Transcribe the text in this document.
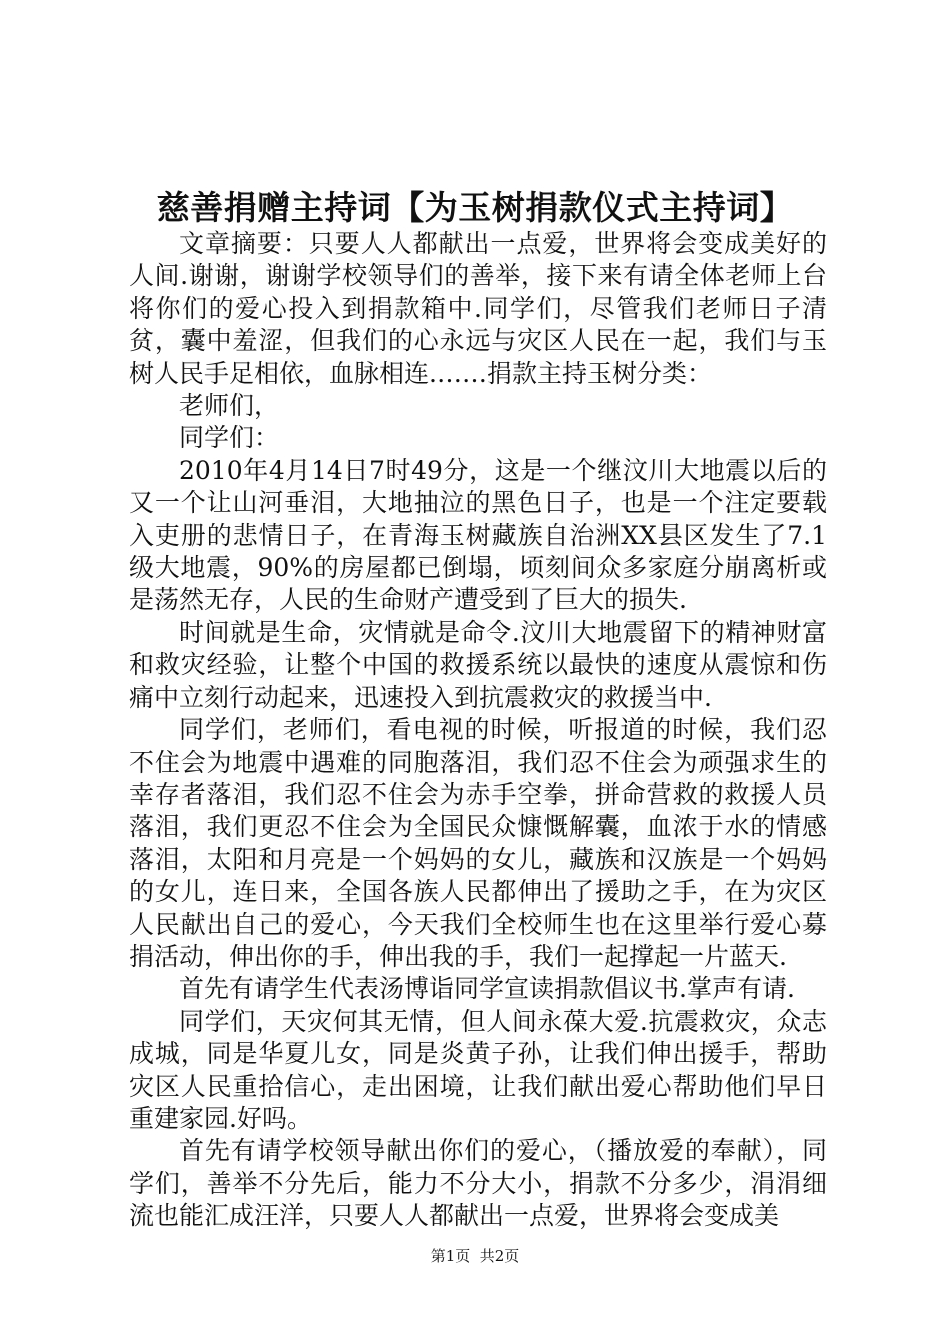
慈善捐赠主持词【为玉树捐款仪式主持词】

文章摘要：只要人人都献出一点爱，世界将会变成美好的人间.谢谢，谢谢学校领导们的善举，接下来有请全体老师上台将你们的爱心投入到捐款箱中.同学们，尽管我们老师日子清贫，囊中羞涩，但我们的心永远与灾区人民在一起，我们与玉树人民手足相依，血脉相连.……捐款主持玉树分类：

老师们，

同学们：

2010年4月14日7时49分，这是一个继汶川大地震以后的又一个让山河垂泪，大地抽泣的黑色日子，也是一个注定要载入吏册的悲情日子，在青海玉树藏族自治洲XX县区发生了7.1级大地震，90%的房屋都已倒塌，顷刻间众多家庭分崩离析或是荡然无存，人民的生命财产遭受到了巨大的损失.

时间就是生命，灾情就是命令.汶川大地震留下的精神财富和救灾经验，让整个中国的救援系统以最快的速度从震惊和伤痛中立刻行动起来，迅速投入到抗震救灾的救援当中.

同学们，老师们，看电视的时候，听报道的时候，我们忍不住会为地震中遇难的同胞落泪，我们忍不住会为顽强求生的幸存者落泪，我们忍不住会为赤手空拳，拼命营救的救援人员落泪，我们更忍不住会为全国民众慷慨解囊，血浓于水的情感落泪，太阳和月亮是一个妈妈的女儿，藏族和汉族是一个妈妈的女儿，连日来，全国各族人民都伸出了援助之手，在为灾区人民献出自己的爱心，今天我们全校师生也在这里举行爱心募捐活动，伸出你的手，伸出我的手，我们一起撑起一片蓝天.

首先有请学生代表汤博诣同学宣读捐款倡议书.掌声有请.

同学们，天灾何其无情，但人间永葆大爱.抗震救灾，众志成城，同是华夏儿女，同是炎黄子孙，让我们伸出援手，帮助灾区人民重拾信心，走出困境，让我们献出爱心帮助他们早日重建家园.好吗。

首先有请学校领导献出你们的爱心，（播放爱的奉献），同学们，善举不分先后，能力不分大小，捐款不分多少，涓涓细流也能汇成汪洋，只要人人都献出一点爱，世界将会变成美

第1页  共2页
